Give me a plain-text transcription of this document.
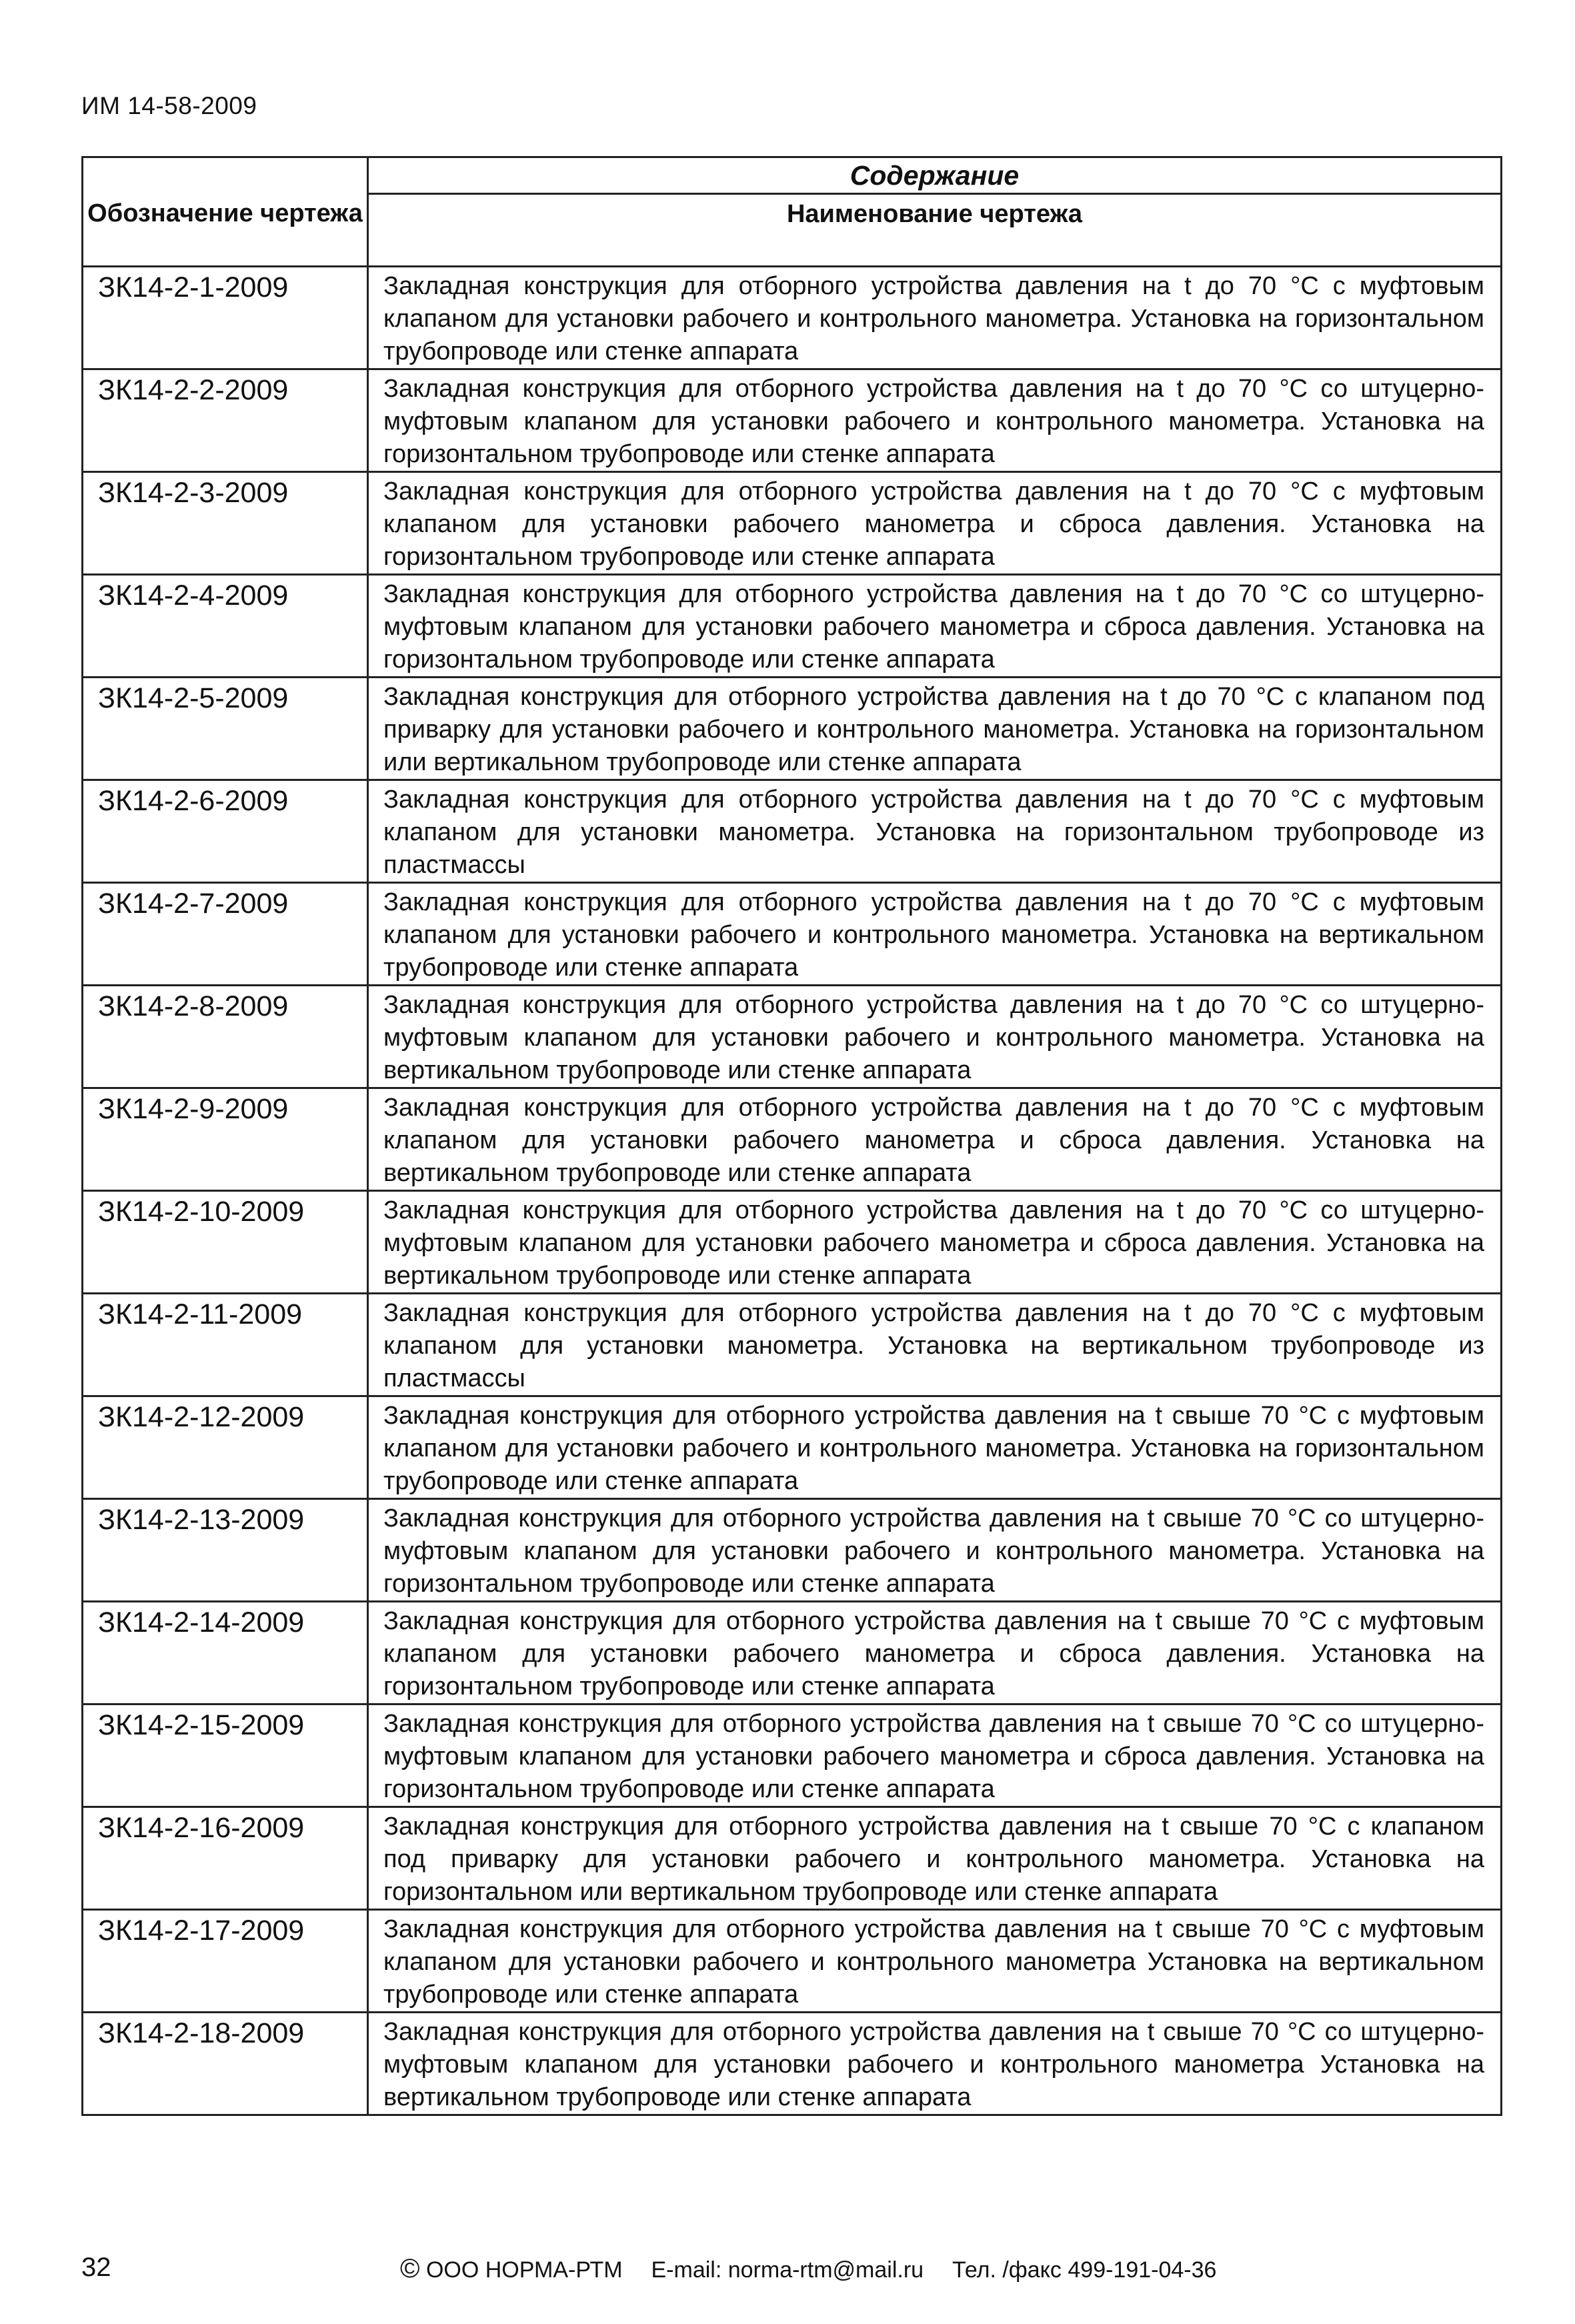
ИМ 14-58-2009
	Содержание
Обозначение чертежа	Наименование чертежа
ЗК14-2-1-2009	Закладная конструкция для отборного устройства давления на t до 70 °С с муфтовым клапаном для установки рабочего и контрольного манометра. Установка на горизонтальном трубопроводе или стенке аппарата
ЗК14-2-2-2009	Закладная конструкция для отборного устройства давления на t до 70 °С со штуцерно-муфтовым клапаном для установки рабочего и контрольного манометра. Установка на горизонтальном трубопроводе или стенке аппарата
ЗК14-2-3-2009	Закладная конструкция для отборного устройства давления на t до 70 °С с муфтовым клапаном для установки рабочего манометра и сброса давления. Установка на горизонтальном трубопроводе или стенке аппарата
ЗК14-2-4-2009	Закладная конструкция для отборного устройства давления на t до 70 °С со штуцерно-муфтовым клапаном для установки рабочего манометра и сброса давления. Установка на горизонтальном трубопроводе или стенке аппарата
ЗК14-2-5-2009	Закладная конструкция для отборного устройства давления на t до 70 °С с клапаном под приварку для установки рабочего и контрольного манометра. Установка на горизонтальном или вертикальном трубопроводе или стенке аппарата
ЗК14-2-6-2009	Закладная конструкция для отборного устройства давления на t до 70 °С с муфтовым клапаном для установки манометра. Установка на горизонтальном трубопроводе из пластмассы
ЗК14-2-7-2009	Закладная конструкция для отборного устройства давления на t до 70 °С с муфтовым клапаном для установки рабочего и контрольного манометра. Установка на вертикальном трубопроводе или стенке аппарата
ЗК14-2-8-2009	Закладная конструкция для отборного устройства давления на t до 70 °С со штуцерно-муфтовым клапаном для установки рабочего и контрольного манометра. Установка на вертикальном трубопроводе или стенке аппарата
ЗК14-2-9-2009	Закладная конструкция для отборного устройства давления на t до 70 °С с муфтовым клапаном для установки рабочего манометра и сброса давления. Установка на вертикальном трубопроводе или стенке аппарата
ЗК14-2-10-2009	Закладная конструкция для отборного устройства давления на t до 70 °С со штуцерно-муфтовым клапаном для установки рабочего манометра и сброса давления. Установка на вертикальном трубопроводе или стенке аппарата
ЗК14-2-11-2009	Закладная конструкция для отборного устройства давления на t до 70 °С с муфтовым клапаном для установки манометра. Установка на вертикальном трубопроводе из пластмассы
ЗК14-2-12-2009	Закладная конструкция для отборного устройства давления на t свыше 70 °С с муфтовым клапаном для установки рабочего и контрольного манометра. Установка на горизонтальном трубопроводе или стенке аппарата
ЗК14-2-13-2009	Закладная конструкция для отборного устройства давления на t свыше 70 °С со штуцерно-муфтовым клапаном для установки рабочего и контрольного манометра. Установка на горизонтальном трубопроводе или стенке аппарата
ЗК14-2-14-2009	Закладная конструкция для отборного устройства давления на t свыше 70 °С с муфтовым клапаном для установки рабочего манометра и сброса давления. Установка на горизонтальном трубопроводе или стенке аппарата
ЗК14-2-15-2009	Закладная конструкция для отборного устройства давления на t свыше 70 °С со штуцерно-муфтовым клапаном для установки рабочего манометра и сброса давления. Установка на горизонтальном трубопроводе или стенке аппарата
ЗК14-2-16-2009	Закладная конструкция для отборного устройства давления на t свыше 70 °С с клапаном под приварку для установки рабочего и контрольного манометра. Установка на горизонтальном или вертикальном трубопроводе или стенке аппарата
ЗК14-2-17-2009	Закладная конструкция для отборного устройства давления на t свыше 70 °С с муфтовым клапаном для установки рабочего и контрольного манометра Установка на вертикальном трубопроводе или стенке аппарата
ЗК14-2-18-2009	Закладная конструкция для отборного устройства давления на t свыше 70 °С со штуцерно-муфтовым клапаном для установки рабочего и контрольного манометра Установка на вертикальном трубопроводе или стенке аппарата
32	© ООО НОРМА-РТМ E-mail: norma-rtm@mail.ru Тел. /факс 499-191-04-36
